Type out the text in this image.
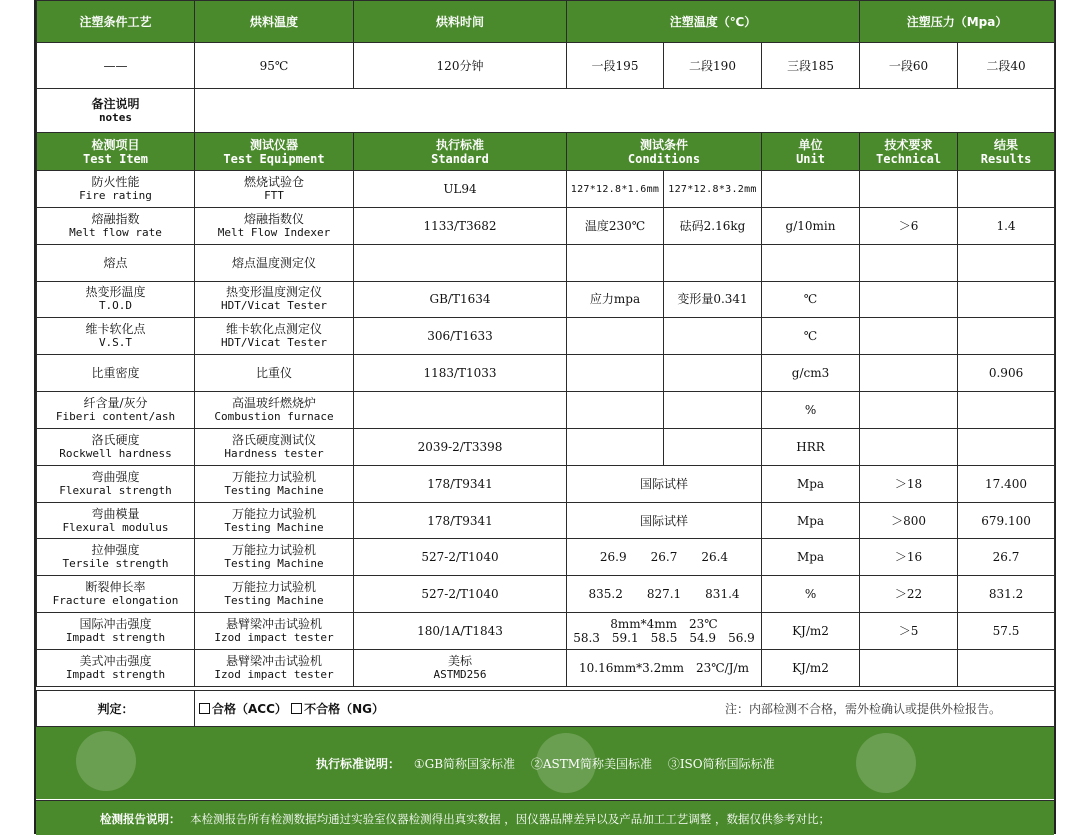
注塑条件工艺	烘料温度	烘料时间	注塑温度（℃）			注塑压力（Mpa）	
——	95℃	120分钟	一段195	二段190	三段185	一段60	二段40

备注说明
notes							

检测项目
Test Item	测试仪器
Test Equipment	执行标准
Standard	测试条件
Conditions		单位
Unit	技术要求
Technical	结果
Results

防火性能
Fire rating	燃烧试验仓
FTT	UL94	127*12.8*1.6mm	127*12.8*3.2mm			

熔融指数
Melt flow rate	熔融指数仪
Melt Flow Indexer	1133/T3682	温度230℃	砝码2.16kg	g/10min	＞6	1.4

熔点	熔点温度测定仪						

热变形温度
T.O.D	热变形温度测定仪
HDT/Vicat Tester	GB/T1634	应力mpa	变形量0.341	℃		

维卡软化点
V.S.T	维卡软化点测定仪
HDT/Vicat Tester	306/T1633			℃		

比重密度	比重仪	1183/T1033			g/cm3		0.906

纤含量/灰分
Fiberi content/ash	高温玻纤燃烧炉
Combustion furnace				%		

洛氏硬度
Rockwell hardness	洛氏硬度测试仪
Hardness tester	2039-2/T3398			HRR		

弯曲强度
Flexural strength	万能拉力试验机
Testing Machine	178/T9341	国际试样		Mpa	＞18	17.400

弯曲模量
Flexural modulus	万能拉力试验机
Testing Machine	178/T9341	国际试样		Mpa	＞800	679.100

拉伸强度
Tersile strength	万能拉力试验机
Testing Machine	527-2/T1040	26.9　　26.7　　26.4		Mpa	＞16	26.7

断裂伸长率
Fracture elongation	万能拉力试验机
Testing Machine	527-2/T1040	835.2　　827.1　　831.4		%	＞22	831.2

国际冲击强度
Impadt strength	悬臂梁冲击试验机
Izod impact tester	180/1A/T1843	8mm*4mm　23℃
58.3　59.1　58.5　54.9　56.9		KJ/m2	＞5	57.5

美式冲击强度
Impadt strength	悬臂梁冲击试验机
Izod impact tester	美标
ASTMD256	10.16mm*3.2mm　23℃/J/m		KJ/m2		
判定：	合格（ACC） 不合格（NG）	注：内部检测不合格，需外检确认或提供外检报告。
执行标准说明： ①GB简称国家标准　 ②ASTM简称美国标准　 ③ISO简称国际标准
检测报告说明： 本检测报告所有检测数据均通过实验室仪器检测得出真实数据 ，因仪器品牌差异以及产品加工工艺调整 ，数据仅供参考对比；
